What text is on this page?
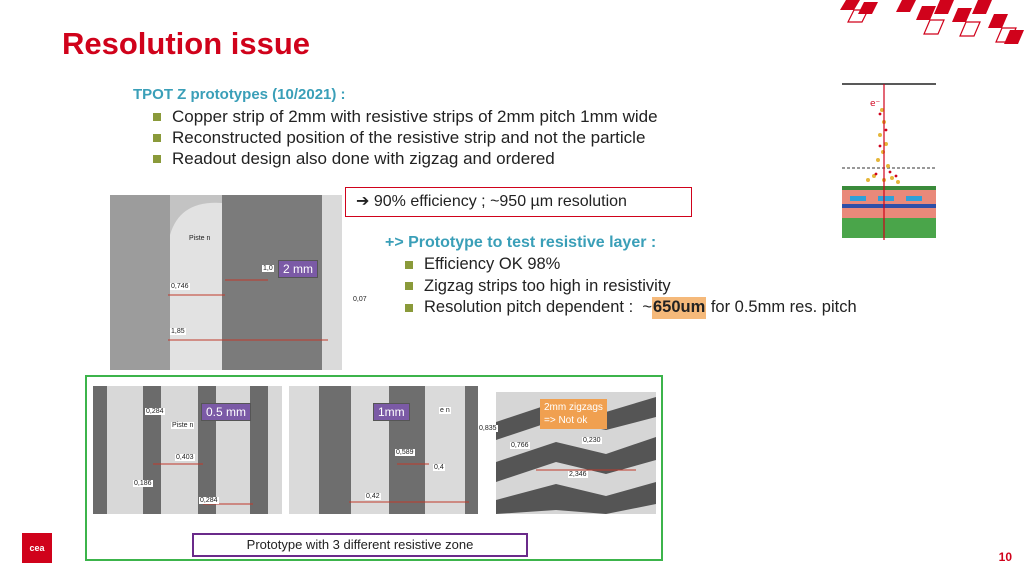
Resolution issue
TPOT Z prototypes (10/2021) :
Copper strip of 2mm with resistive strips of 2mm pitch 1mm wide
Reconstructed position of the resistive strip and not the particle
Readout design also done with zigzag and ordered
➔ 90% efficiency ; ~950 µm resolution
e⁻
Piste n
1,0 2 mm
0,746
1,85
0,07
+> Prototype to test resistive layer :
Efficiency OK 98%
Zigzag strips too high in resistivity
Resolution pitch dependent :  ~ 650um for 0.5mm res. pitch
0,284	0.5 mm
Piste n
0,403
0,186
0,284
1mm	e n
0,589
0,4
0,42
2mm zigzags
=> Not ok
0,230
0,766
2,346
0,835
Prototype with 3 different resistive zone
cea
10
